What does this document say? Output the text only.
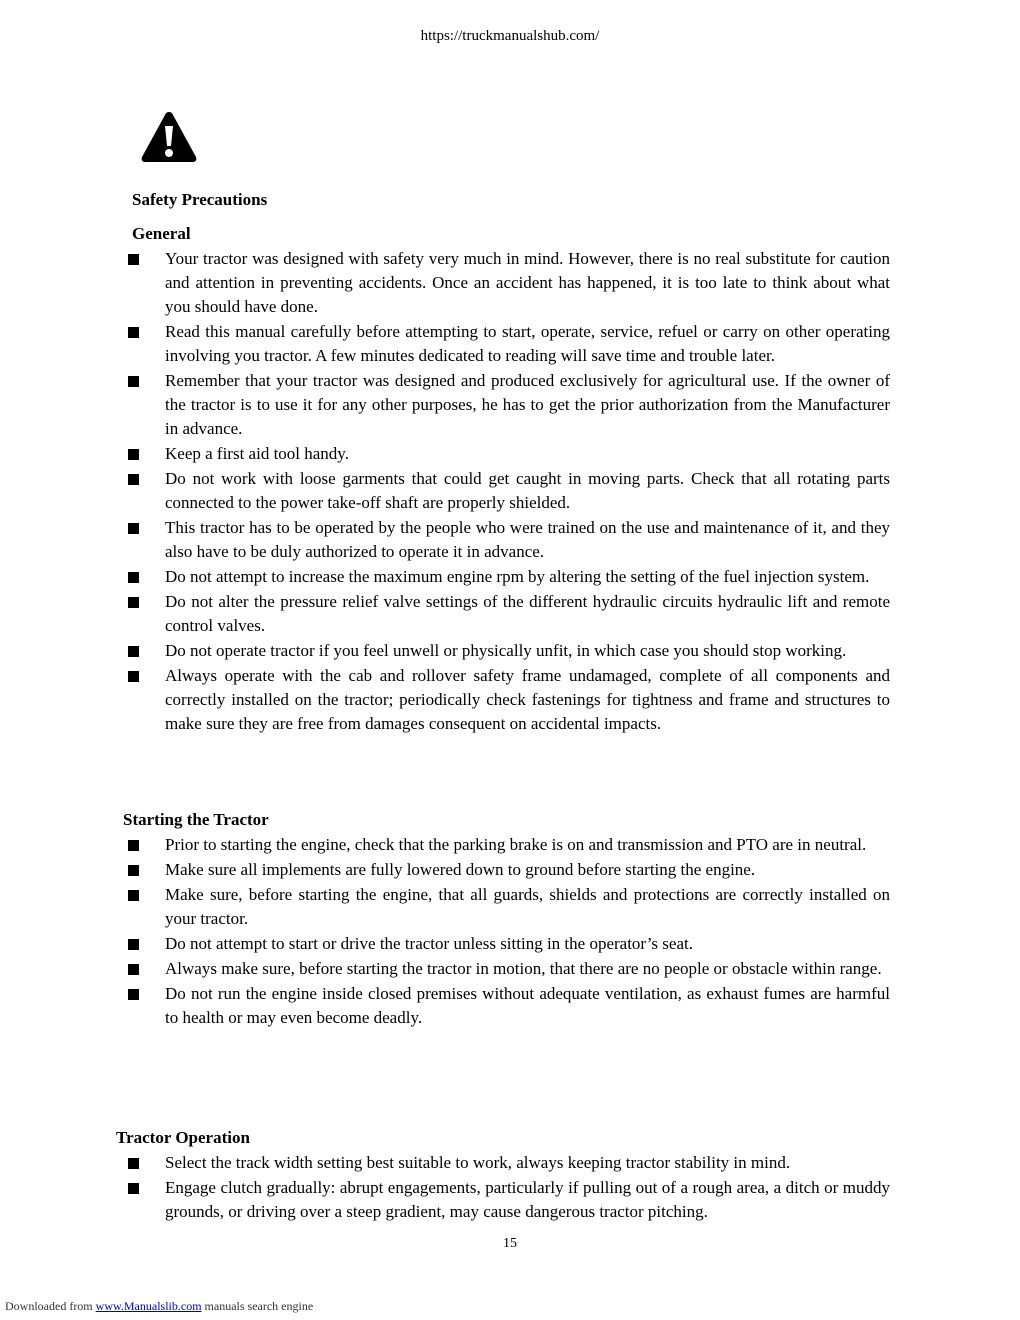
https://truckmanualshub.com/
Safety Precautions
General
Your tractor was designed with safety very much in mind. However, there is no real substitute for caution and attention in preventing accidents. Once an accident has happened, it is too late to think about what you should have done.
Read this manual carefully before attempting to start, operate, service, refuel or carry on other operating involving you tractor. A few minutes dedicated to reading will save time and trouble later.
Remember that your tractor was designed and produced exclusively for agricultural use. If the owner of the tractor is to use it for any other purposes, he has to get the prior authorization from the Manufacturer in advance.
Keep a first aid tool handy.
Do not work with loose garments that could get caught in moving parts. Check that all rotating parts connected to the power take-off shaft are properly shielded.
This tractor has to be operated by the people who were trained on the use and maintenance of it, and they also have to be duly authorized to operate it in advance.
Do not attempt to increase the maximum engine rpm by altering the setting of the fuel injection system.
Do not alter the pressure relief valve settings of the different hydraulic circuits hydraulic lift and remote control valves.
Do not operate tractor if you feel unwell or physically unfit, in which case you should stop working.
Always operate with the cab and rollover safety frame undamaged, complete of all components and correctly installed on the tractor; periodically check fastenings for tightness and frame and structures to make sure they are free from damages consequent on accidental impacts.
Starting the Tractor
Prior to starting the engine, check that the parking brake is on and transmission and PTO are in neutral.
Make sure all implements are fully lowered down to ground before starting the engine.
Make sure, before starting the engine, that all guards, shields and protections are correctly installed on your tractor.
Do not attempt to start or drive the tractor unless sitting in the operator’s seat.
Always make sure, before starting the tractor in motion, that there are no people or obstacle within range.
Do not run the engine inside closed premises without adequate ventilation, as exhaust fumes are harmful to health or may even become deadly.
Tractor Operation
Select the track width setting best suitable to work, always keeping tractor stability in mind.
Engage clutch gradually: abrupt engagements, particularly if pulling out of a rough area, a ditch or muddy grounds, or driving over a steep gradient, may cause dangerous tractor pitching.
15
Downloaded from www.Manualslib.com manuals search engine
